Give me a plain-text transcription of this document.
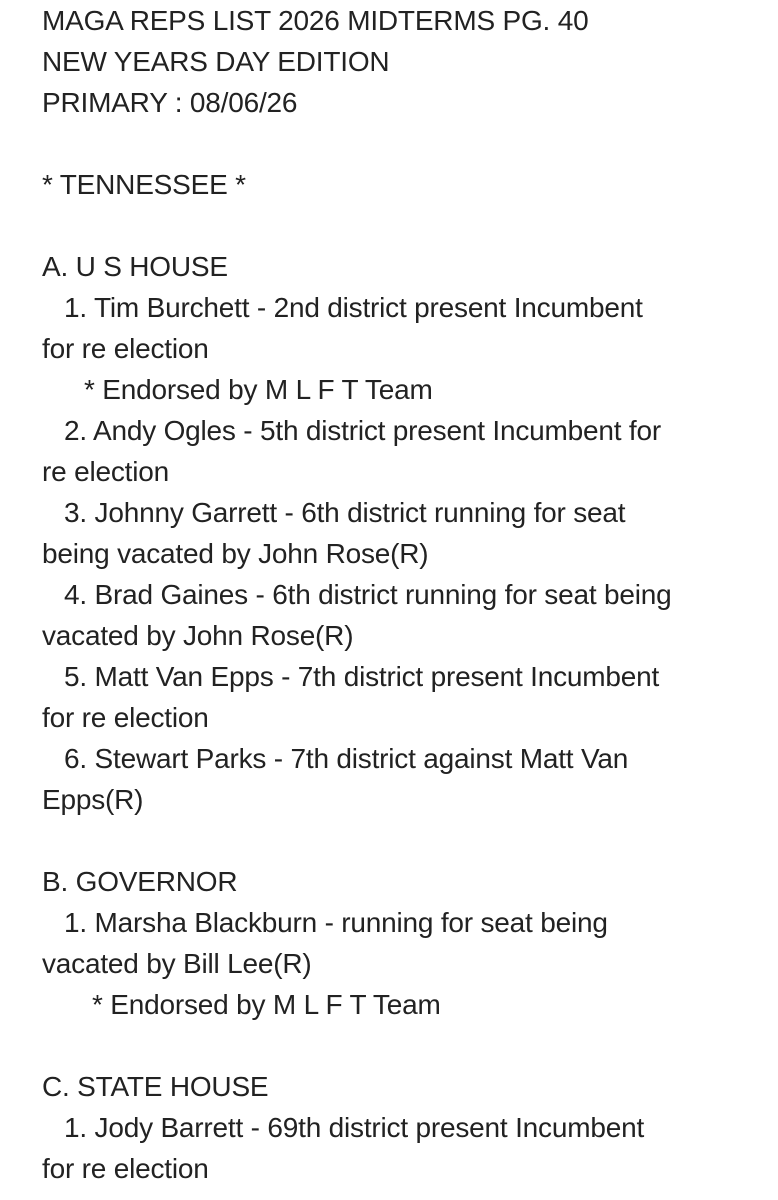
MAGA REPS LIST 2026 MIDTERMS PG. 40
NEW YEARS DAY EDITION
PRIMARY : 08/06/26
* TENNESSEE *
A. U S HOUSE
1. Tim Burchett - 2nd district present Incumbent
for re election
* Endorsed by M L F T Team
2. Andy Ogles - 5th district present Incumbent for
re election
3. Johnny Garrett - 6th district running for seat
being vacated by John Rose(R)
4. Brad Gaines - 6th district running for seat being
vacated by John Rose(R)
5. Matt Van Epps - 7th district present Incumbent
for re election
6. Stewart Parks - 7th district against Matt Van
Epps(R)
B. GOVERNOR
1. Marsha Blackburn - running for seat being
vacated by Bill Lee(R)
* Endorsed by M L F T Team
C. STATE HOUSE
1. Jody Barrett - 69th district present Incumbent
for re election
